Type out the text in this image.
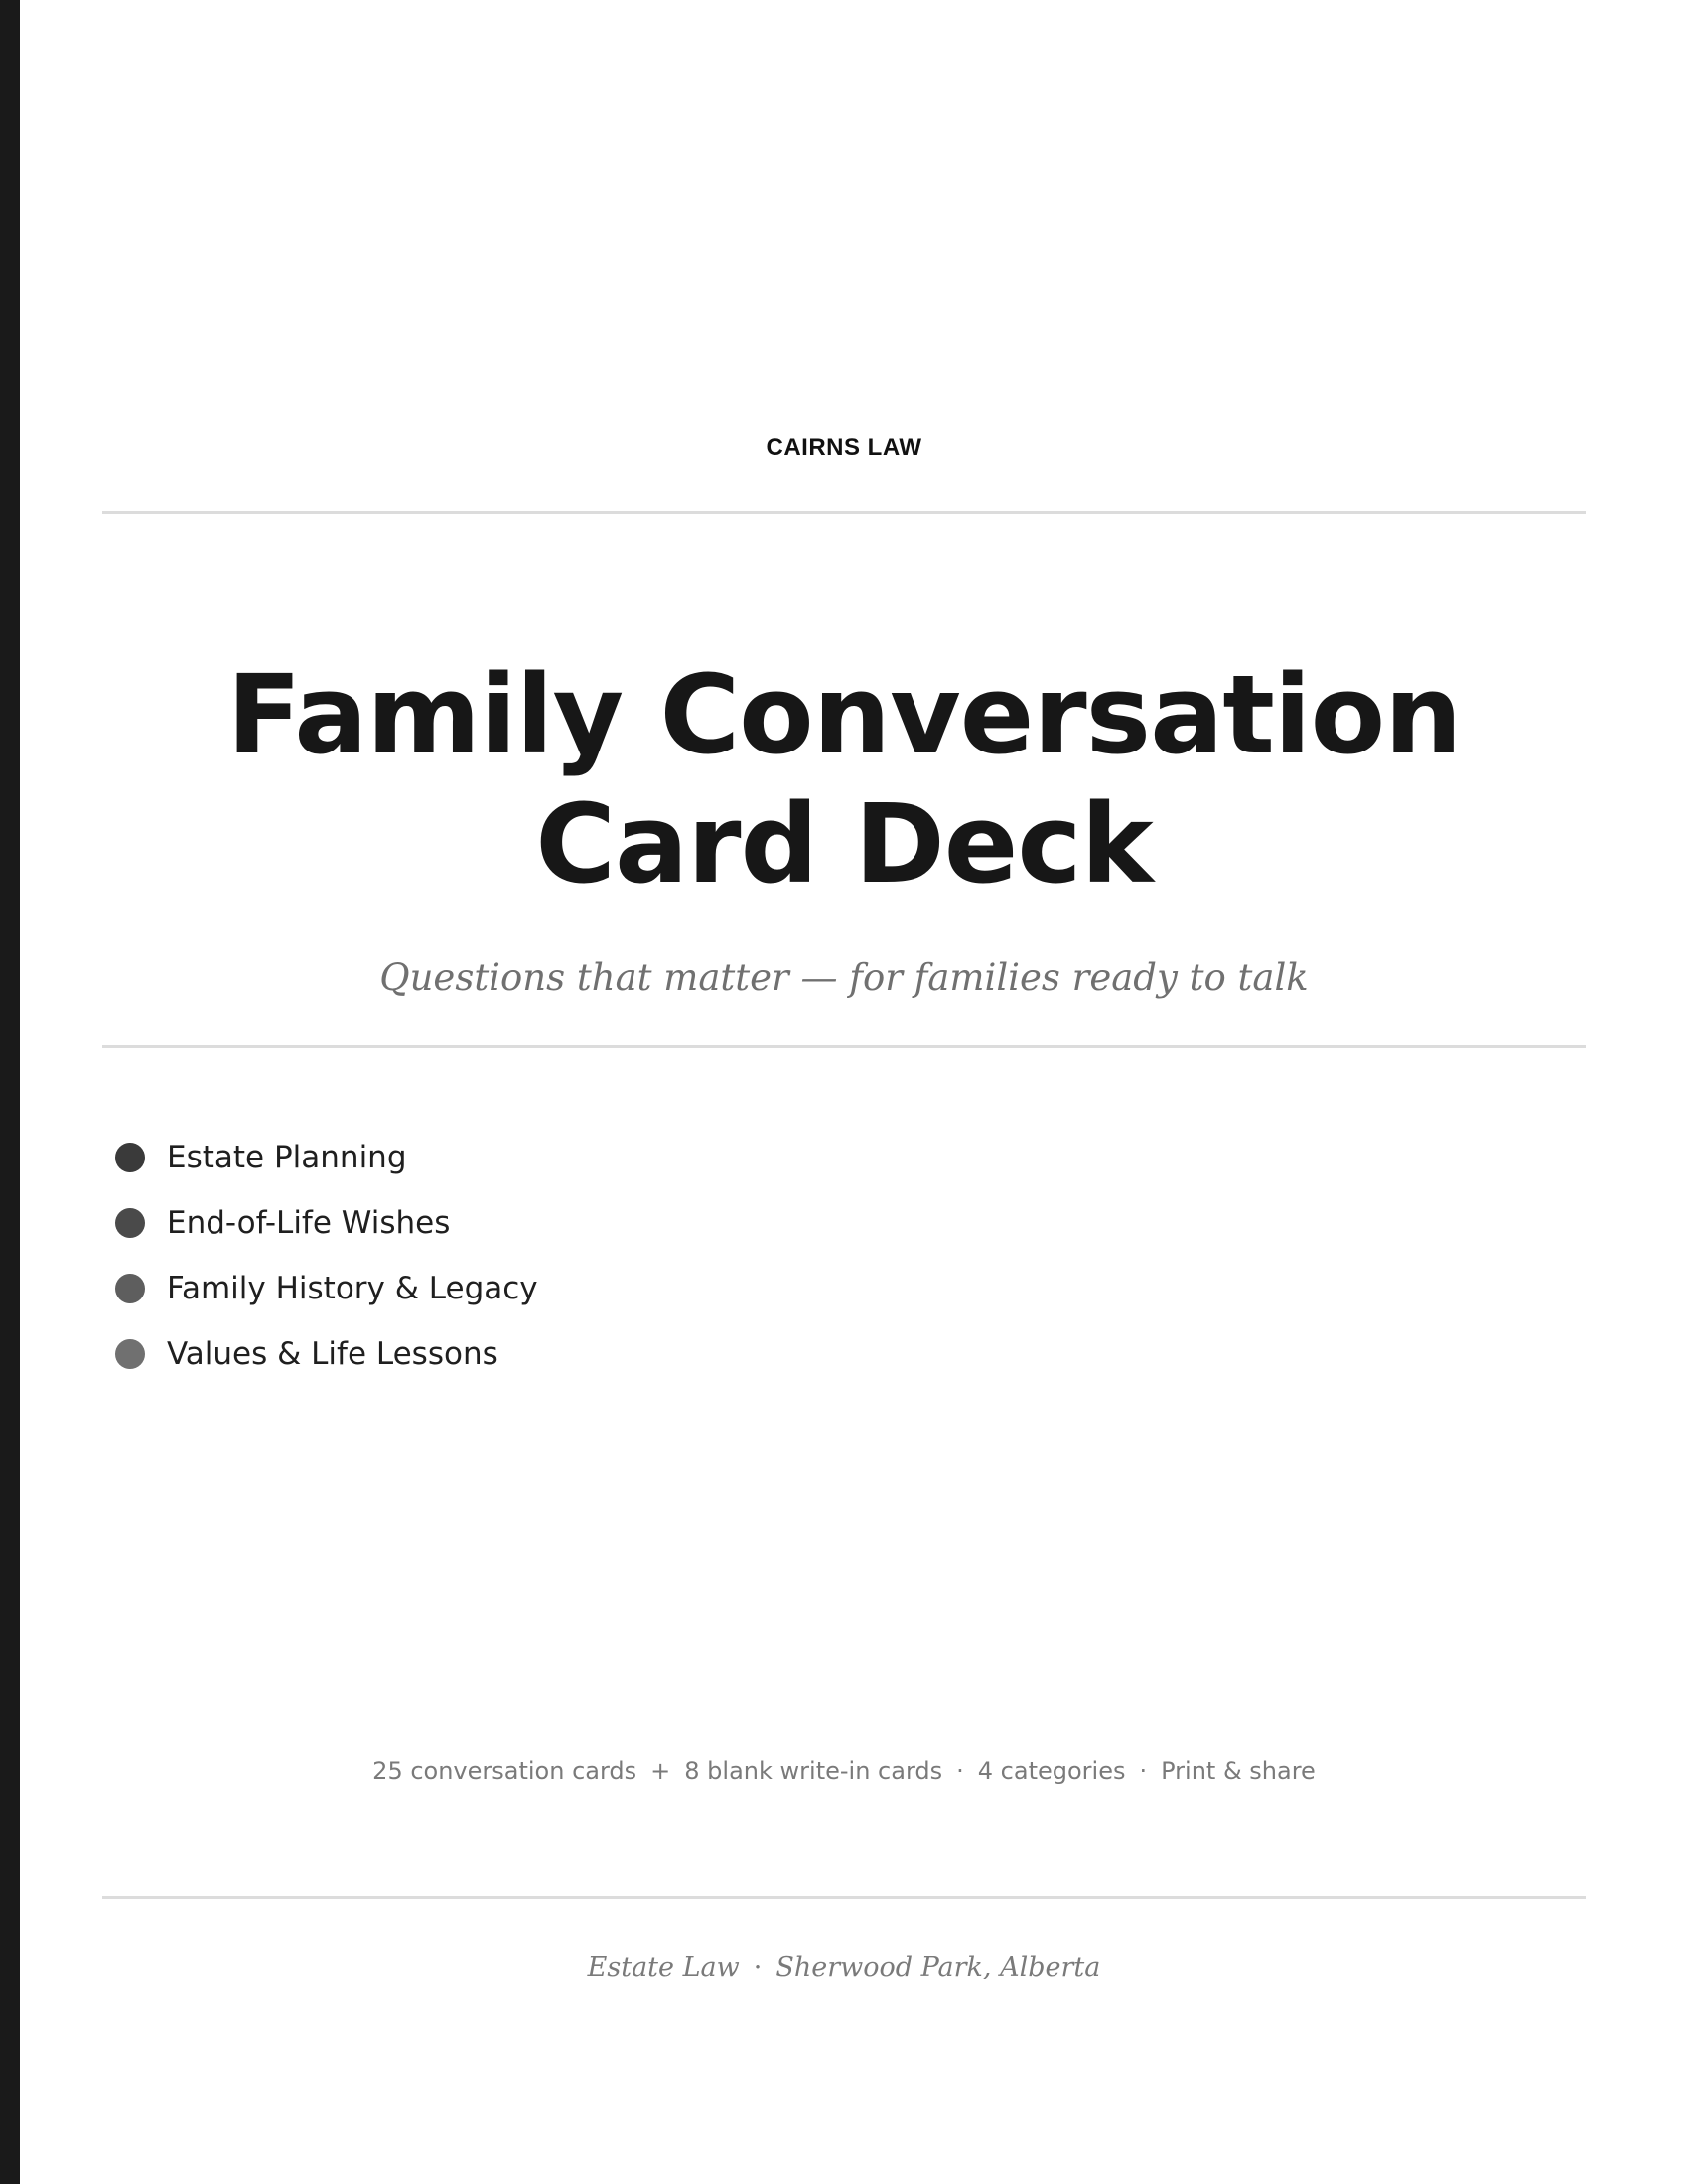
CAIRNS LAW
Family Conversation
Card Deck
Questions that matter — for families ready to talk
Estate Planning
End-of-Life Wishes
Family History & Legacy
Values & Life Lessons
25 conversation cards + 8 blank write-in cards · 4 categories · Print & share
Estate Law · Sherwood Park, Alberta
